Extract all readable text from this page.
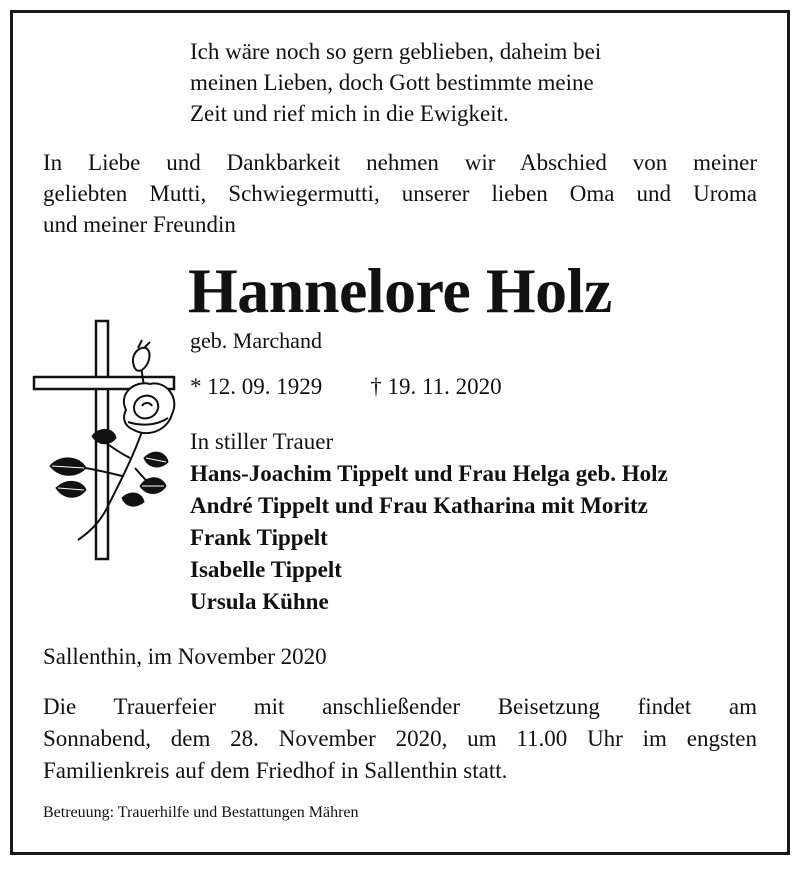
Ich wäre noch so gern geblieben, daheim bei
meinen Lieben, doch Gott bestimmte meine
Zeit und rief mich in die Ewigkeit.
In Liebe und Dankbarkeit nehmen wir Abschied von meiner
geliebten Mutti, Schwiegermutti, unserer lieben Oma und Uroma
und meiner Freundin
Hannelore Holz
geb. Marchand
* 12. 09. 1929 † 19. 11. 2020
In stiller Trauer
Hans-Joachim Tippelt und Frau Helga geb. Holz
André Tippelt und Frau Katharina mit Moritz
Frank Tippelt
Isabelle Tippelt
Ursula Kühne
Sallenthin, im November 2020
Die Trauerfeier mit anschließender Beisetzung findet am
Sonnabend, dem 28. November 2020, um 11.00 Uhr im engsten
Familienkreis auf dem Friedhof in Sallenthin statt.
Betreuung: Trauerhilfe und Bestattungen Mähren
